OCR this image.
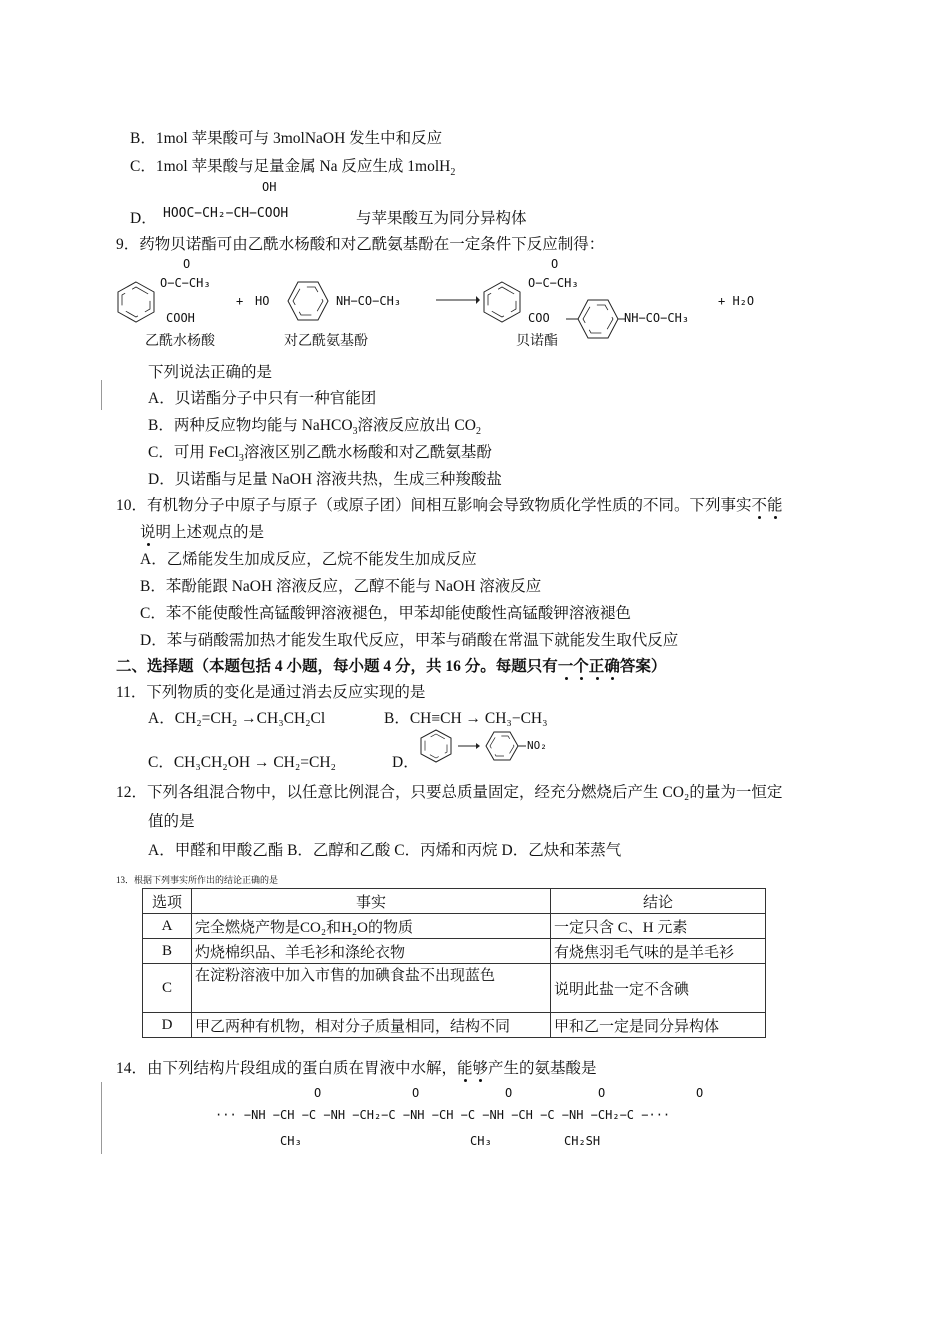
B．1mol 苹果酸可与 3molNaOH 发生中和反应
C．1mol 苹果酸与足量金属 Na 反应生成 1molH$_2$
OH
D． HOOC−CH₂−CH−COOH	与苹果酸互为同分异构体
9．药物贝诺酯可由乙酰水杨酸和对乙酰氨基酚在一定条件下反应制得：
O
O−C−CH₃
COOH
+ HO	NH−CO−CH₃
O
O−C−CH₃
COO	NH−CO−CH₃
+ H₂O
乙酰水杨酸	对乙酰氨基酚	贝诺酯
下列说法正确的是
A．贝诺酯分子中只有一种官能团
B．两种反应物均能与 NaHCO$_3$溶液反应放出 $CO_2$
C．可用 FeCl$_3$溶液区别乙酰水杨酸和对乙酰氨基酚
D．贝诺酯与足量 NaOH 溶液共热，生成三种羧酸盐
10．有机物分子中原子与原子（或原子团）间相互影响会导致物质化学性质的不同。下列事实不能
说明上述观点的是
A．乙烯能发生加成反应，乙烷不能发生加成反应
B．苯酚能跟 NaOH 溶液反应，乙醇不能与 NaOH 溶液反应
C．苯不能使酸性高锰酸钾溶液褪色，甲苯却能使酸性高锰酸钾溶液褪色
D．苯与硝酸需加热才能发生取代反应，甲苯与硝酸在常温下就能发生取代反应
二、选择题（本题包括 4 小题，每小题 4 分，共 16 分。每题只有一个正确答案）
11．下列物质的变化是通过消去反应实现的是
A．CH₂=CH₂ →CH₃CH₂Cl	B．CH≡CH → CH₃−CH₃
C．CH₃CH₂OH → CH₂=CH₂	D．
NO₂
12．下列各组混合物中，以任意比例混合，只要总质量固定，经充分燃烧后产生 CO₂的量为一恒定
值的是
A．甲醛和甲酸乙酯 B．乙醇和乙酸 C．丙烯和丙烷 D．乙炔和苯蒸气
13．根据下列事实所作出的结论正确的是
选项	事实	结论
A	完全燃烧产物是CO₂和H₂O的物质	一定只含 C、H 元素
B	灼烧棉织品、羊毛衫和涤纶衣物	有烧焦羽毛气味的是羊毛衫
C	在淀粉溶液中加入市售的加碘食盐不出现蓝色	说明此盐一定不含碘
D	甲乙两种有机物，相对分子质量相同，结构不同	甲和乙一定是同分异构体
14．由下列结构片段组成的蛋白质在胃液中水解，能够产生的氨基酸是
O	O	O	O	O
··· −NH −CH −C −NH −CH₂−C −NH −CH −C −NH −CH −C −NH −CH₂−C −···
CH₃	CH₃	CH₂SH
